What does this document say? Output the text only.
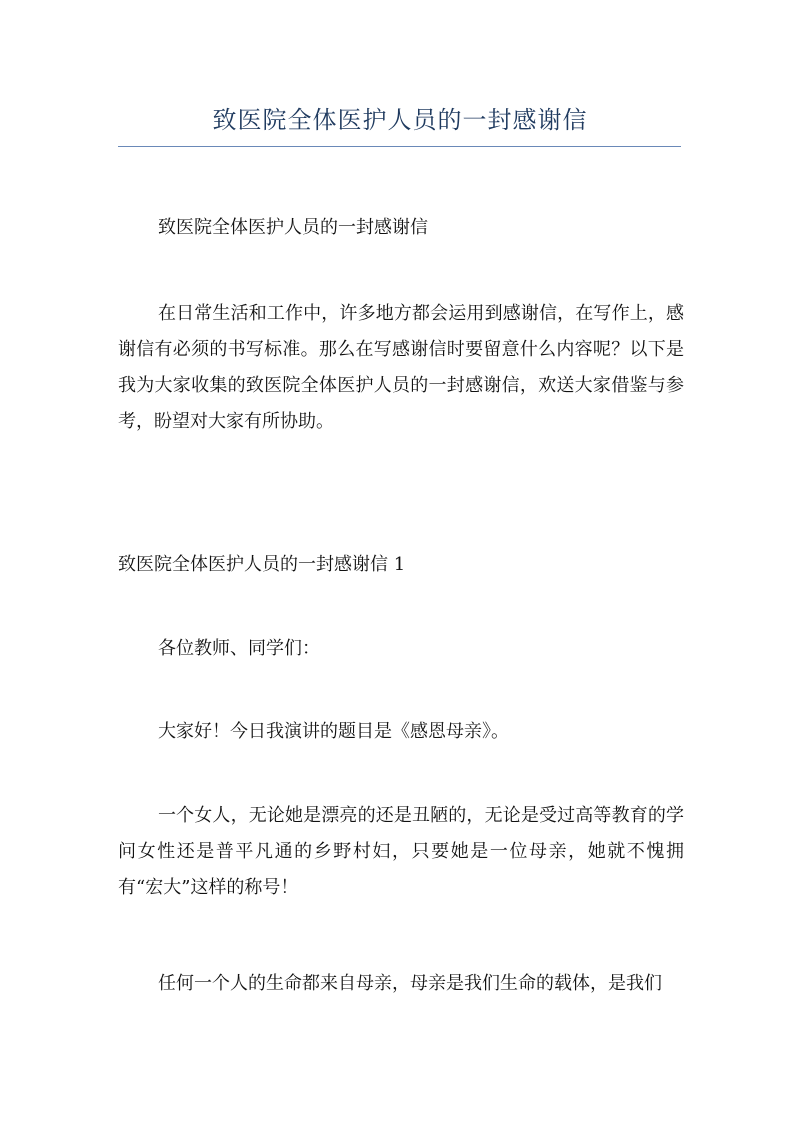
致医院全体医护人员的一封感谢信

致医院全体医护人员的一封感谢信

在日常生活和工作中，许多地方都会运用到感谢信，在写作上，感谢信有必须的书写标准。那么在写感谢信时要留意什么内容呢？以下是我为大家收集的致医院全体医护人员的一封感谢信，欢送大家借鉴与参考，盼望对大家有所协助。

致医院全体医护人员的一封感谢信 1

各位教师、同学们：

大家好！今日我演讲的题目是《感恩母亲》。

一个女人，无论她是漂亮的还是丑陋的，无论是受过高等教育的学问女性还是普平凡通的乡野村妇，只要她是一位母亲，她就不愧拥有“宏大”这样的称号！

任何一个人的生命都来自母亲，母亲是我们生命的载体，是我们
